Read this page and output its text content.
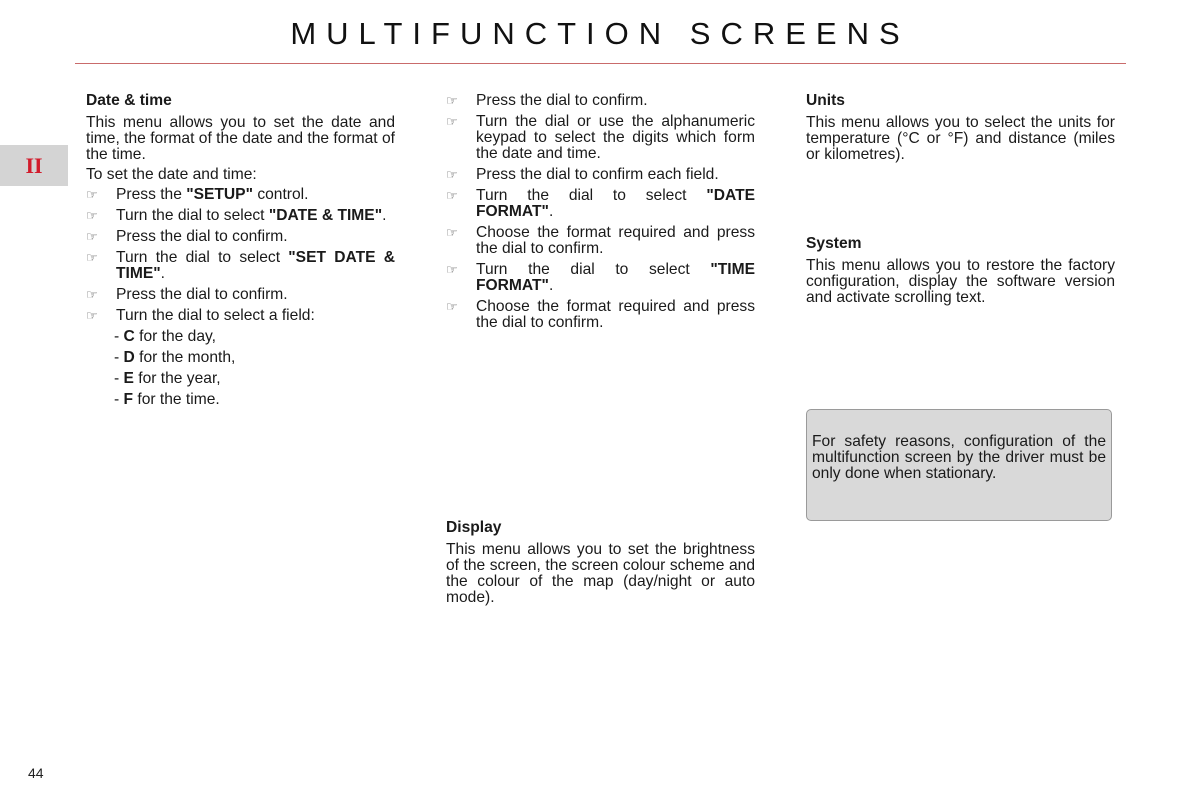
MULTIFUNCTION SCREENS
II
Date & time

This menu allows you to set the date and time, the format of the date and the format of the time.

To set the date and time:

☞ Press the "SETUP" control.
☞ Turn the dial to select "DATE & TIME".
☞ Press the dial to confirm.
☞ Turn the dial to select "SET DATE & TIME".
☞ Press the dial to confirm.
☞ Turn the dial to select a field:
- C for the day,
- D for the month,
- E for the year,
- F for the time.
☞ Press the dial to confirm.
☞ Turn the dial or use the alphanumeric keypad to select the digits which form the date and time.
☞ Press the dial to confirm each field.
☞ Turn the dial to select "DATE FORMAT".
☞ Choose the format required and press the dial to confirm.
☞ Turn the dial to select "TIME FORMAT".
☞ Choose the format required and press the dial to confirm.
Display

This menu allows you to set the brightness of the screen, the screen colour scheme and the colour of the map (day/night or auto mode).

Units

This menu allows you to select the units for temperature (°C or °F) and distance (miles or kilometres).

System

This menu allows you to restore the factory configuration, display the software version and activate scrolling text.

For safety reasons, configuration of the multifunction screen by the driver must be only done when stationary.
44
